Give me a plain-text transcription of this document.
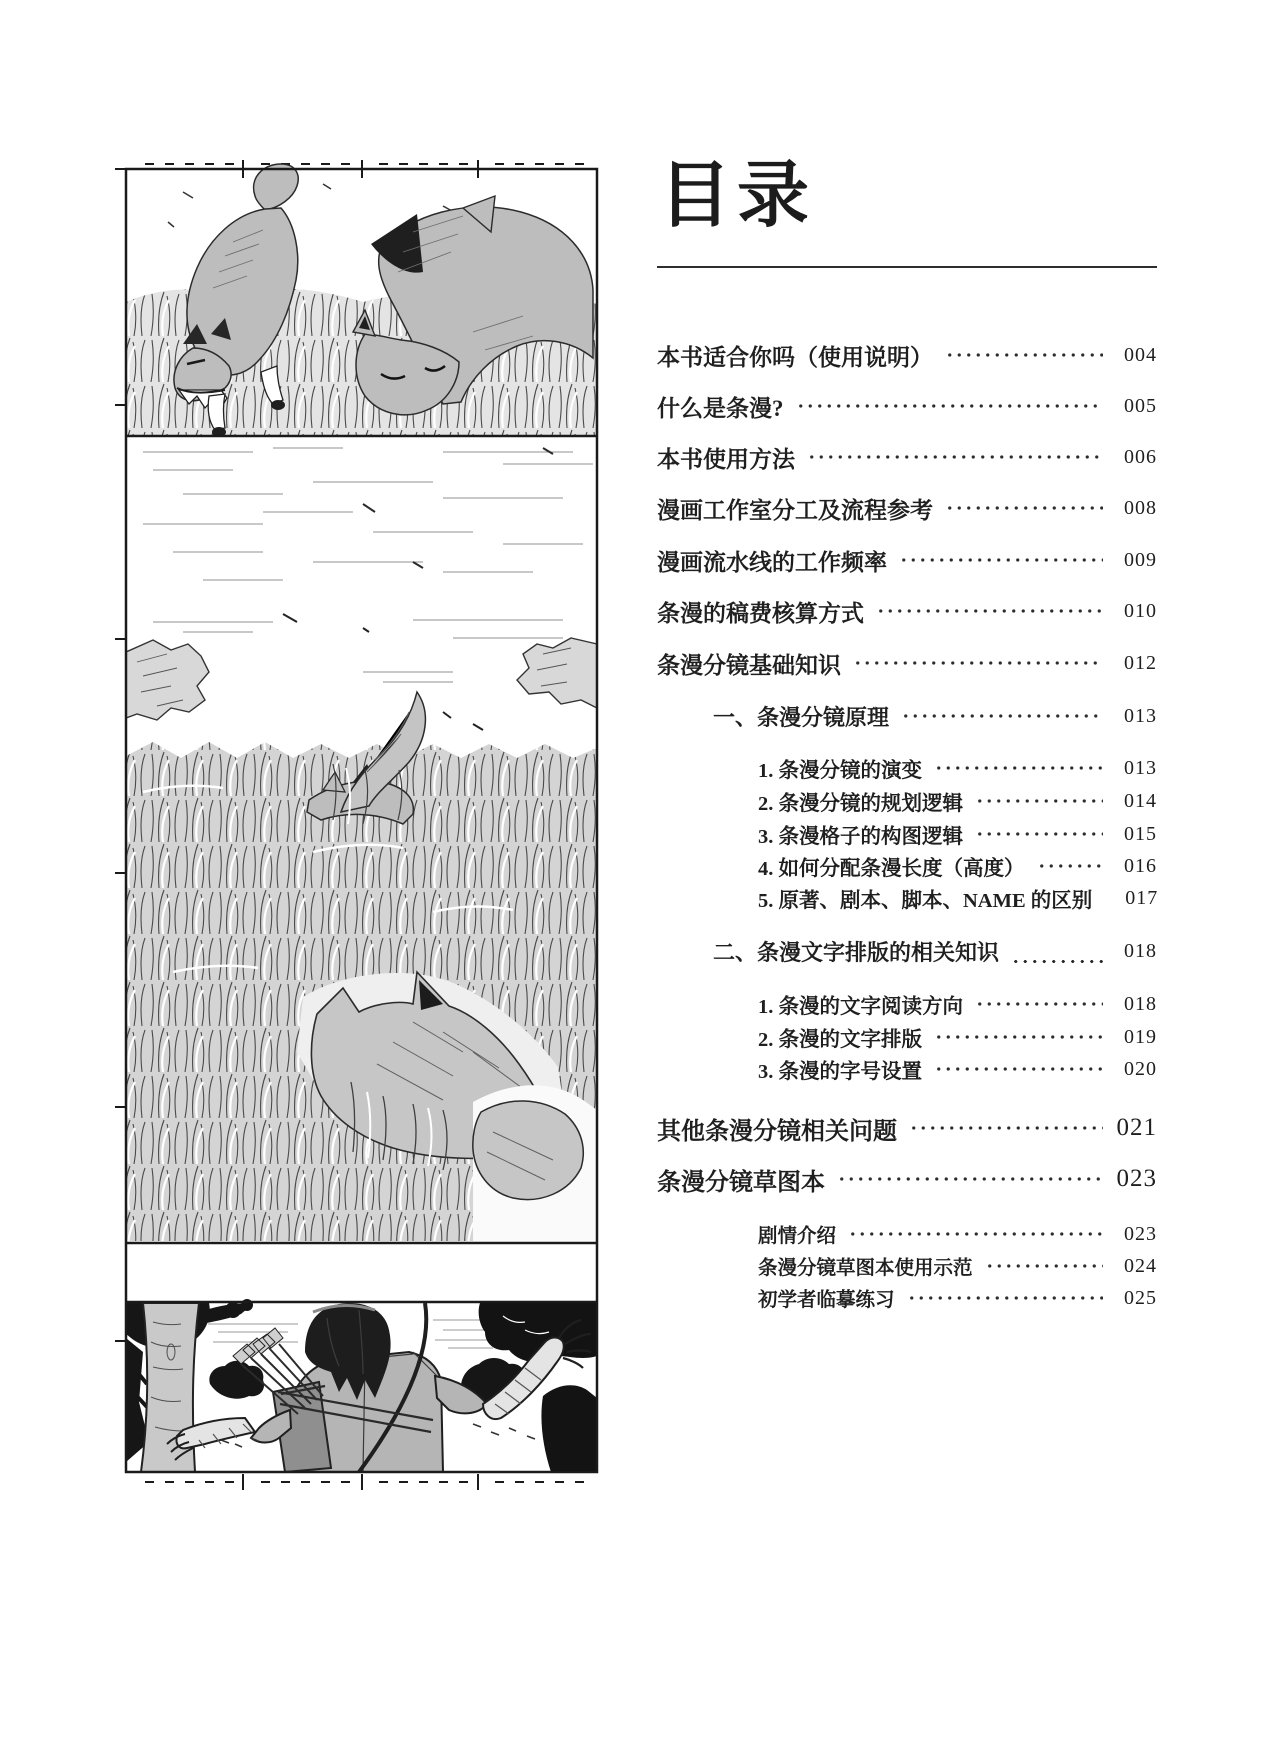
目录
本书适合你吗（使用说明）	004
什么是条漫?	005
本书使用方法	006
漫画工作室分工及流程参考	008
漫画流水线的工作频率	009
条漫的稿费核算方式	010
条漫分镜基础知识	012
一、条漫分镜原理	013
1. 条漫分镜的演变	013
2. 条漫分镜的规划逻辑	014
3. 条漫格子的构图逻辑	015
4. 如何分配条漫长度（高度）	016
5. 原著、剧本、脚本、NAME 的区别	017
二、条漫文字排版的相关知识	018
1. 条漫的文字阅读方向	018
2. 条漫的文字排版	019
3. 条漫的字号设置	020
其他条漫分镜相关问题	021
条漫分镜草图本	023
剧情介绍	023
条漫分镜草图本使用示范	024
初学者临摹练习	025
